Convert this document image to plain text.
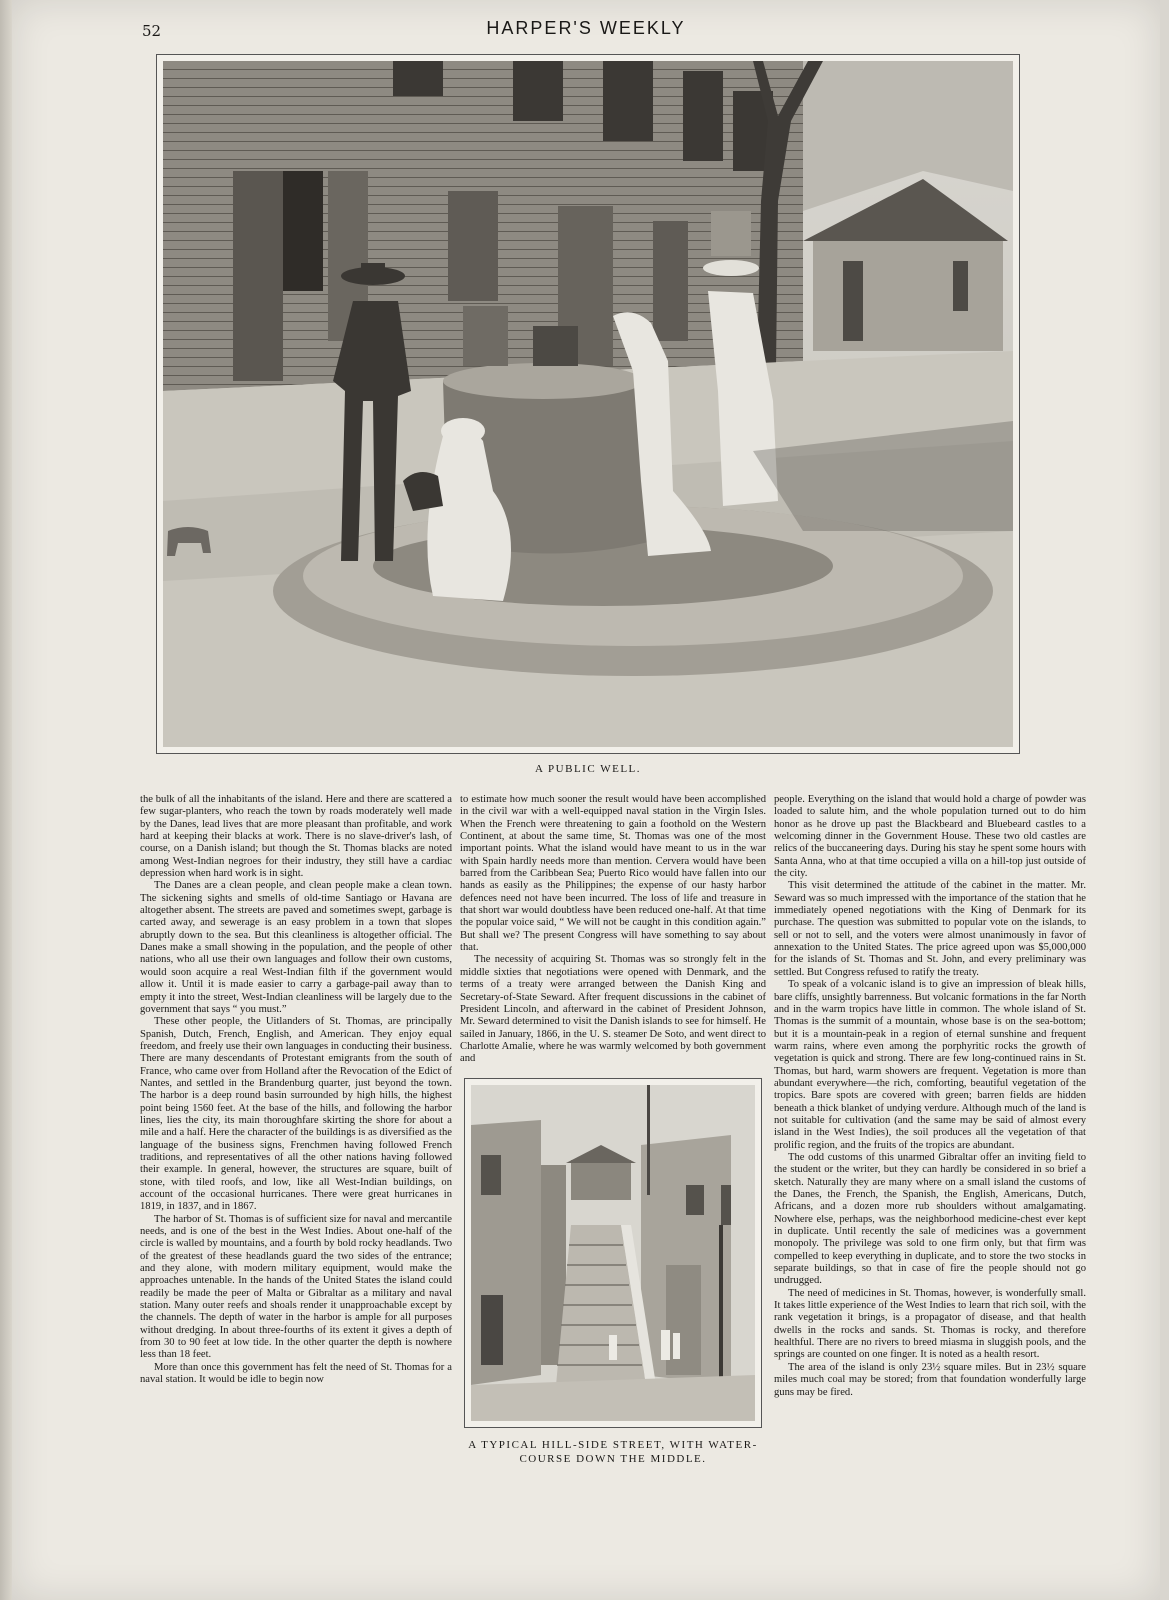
52	HARPER'S WEEKLY
A PUBLIC WELL.

the bulk of all the inhabitants of the island. Here and there are scattered a few sugar-planters, who reach the town by roads moderately well made by the Danes, lead lives that are more pleasant than profitable, and work hard at keeping their blacks at work. There is no slave-driver's lash, of course, on a Danish island; but though the St. Thomas blacks are noted among West-Indian negroes for their industry, they still have a cardiac depression when hard work is in sight.

The Danes are a clean people, and clean people make a clean town. The sickening sights and smells of old-time Santiago or Havana are altogether absent. The streets are paved and sometimes swept, garbage is carted away, and sewerage is an easy problem in a town that slopes abruptly down to the sea. But this cleanliness is altogether official. The Danes make a small showing in the population, and the people of other nations, who all use their own languages and follow their own customs, would soon acquire a real West-Indian filth if the government would allow it. Until it is made easier to carry a garbage-pail away than to empty it into the street, West-Indian cleanliness will be largely due to the government that says “ you must.”

These other people, the Uitlanders of St. Thomas, are principally Spanish, Dutch, French, English, and American. They enjoy equal freedom, and freely use their own languages in conducting their business. There are many descendants of Protestant emigrants from the south of France, who came over from Holland after the Revocation of the Edict of Nantes, and settled in the Brandenburg quarter, just beyond the town. The harbor is a deep round basin surrounded by high hills, the highest point being 1560 feet. At the base of the hills, and following the harbor lines, lies the city, its main thoroughfare skirting the shore for about a mile and a half. Here the character of the buildings is as diversified as the language of the business signs, Frenchmen having followed French traditions, and representatives of all the other nations having followed their example. In general, however, the structures are square, built of stone, with tiled roofs, and low, like all West-Indian buildings, on account of the occasional hurricanes. There were great hurricanes in 1819, in 1837, and in 1867.

The harbor of St. Thomas is of sufficient size for naval and mercantile needs, and is one of the best in the West Indies. About one-half of the circle is walled by mountains, and a fourth by bold rocky headlands. Two of the greatest of these headlands guard the two sides of the entrance; and they alone, with modern military equipment, would make the approaches untenable. In the hands of the United States the island could readily be made the peer of Malta or Gibraltar as a military and naval station. Many outer reefs and shoals render it unapproachable except by the channels. The depth of water in the harbor is ample for all purposes without dredging. In about three-fourths of its extent it gives a depth of from 30 to 90 feet at low tide. In the other quarter the depth is nowhere less than 18 feet.

More than once this government has felt the need of St. Thomas for a naval station. It would be idle to begin now

to estimate how much sooner the result would have been accomplished in the civil war with a well-equipped naval station in the Virgin Isles. When the French were threatening to gain a foothold on the Western Continent, at about the same time, St. Thomas was one of the most important points. What the island would have meant to us in the war with Spain hardly needs more than mention. Cervera would have been barred from the Caribbean Sea; Puerto Rico would have fallen into our hands as easily as the Philippines; the expense of our hasty harbor defences need not have been incurred. The loss of life and treasure in that short war would doubtless have been reduced one-half. At that time the popular voice said, “ We will not be caught in this condition again.” But shall we? The present Congress will have something to say about that.

The necessity of acquiring St. Thomas was so strongly felt in the middle sixties that negotiations were opened with Denmark, and the terms of a treaty were arranged between the Danish King and Secretary-of-State Seward. After frequent discussions in the cabinet of President Lincoln, and afterward in the cabinet of President Johnson, Mr. Seward determined to visit the Danish islands to see for himself. He sailed in January, 1866, in the U. S. steamer De Soto, and went direct to Charlotte Amalie, where he was warmly welcomed by both government and

A TYPICAL HILL-SIDE STREET, WITH WATER-
COURSE DOWN THE MIDDLE.

people. Everything on the island that would hold a charge of powder was loaded to salute him, and the whole population turned out to do him honor as he drove up past the Blackbeard and Bluebeard castles to a welcoming dinner in the Government House. These two old castles are relics of the buccaneering days. During his stay he spent some hours with Santa Anna, who at that time occupied a villa on a hill-top just outside of the city.

This visit determined the attitude of the cabinet in the matter. Mr. Seward was so much impressed with the importance of the station that he immediately opened negotiations with the King of Denmark for its purchase. The question was submitted to popular vote on the islands, to sell or not to sell, and the voters were almost unanimously in favor of annexation to the United States. The price agreed upon was $5,000,000 for the islands of St. Thomas and St. John, and every preliminary was settled. But Congress refused to ratify the treaty.

To speak of a volcanic island is to give an impression of bleak hills, bare cliffs, unsightly barrenness. But volcanic formations in the far North and in the warm tropics have little in common. The whole island of St. Thomas is the summit of a mountain, whose base is on the sea-bottom; but it is a mountain-peak in a region of eternal sunshine and frequent warm rains, where even among the porphyritic rocks the growth of vegetation is quick and strong. There are few long-continued rains in St. Thomas, but hard, warm showers are frequent. Vegetation is more than abundant everywhere—the rich, comforting, beautiful vegetation of the tropics. Bare spots are covered with green; barren fields are hidden beneath a thick blanket of undying verdure. Although much of the land is not suitable for cultivation (and the same may be said of almost every island in the West Indies), the soil produces all the vegetation of that prolific region, and the fruits of the tropics are abundant.

The odd customs of this unarmed Gibraltar offer an inviting field to the student or the writer, but they can hardly be considered in so brief a sketch. Naturally they are many where on a small island the customs of the Danes, the French, the Spanish, the English, Americans, Dutch, Africans, and a dozen more rub shoulders without amalgamating. Nowhere else, perhaps, was the neighborhood medicine-chest ever kept in duplicate. Until recently the sale of medicines was a government monopoly. The privilege was sold to one firm only, but that firm was compelled to keep everything in duplicate, and to store the two stocks in separate buildings, so that in case of fire the people should not go undrugged.

The need of medicines in St. Thomas, however, is wonderfully small. It takes little experience of the West Indies to learn that rich soil, with the rank vegetation it brings, is a propagator of disease, and that health dwells in the rocks and sands. St. Thomas is rocky, and therefore healthful. There are no rivers to breed miasma in sluggish pools, and the springs are counted on one finger. It is noted as a health resort.

The area of the island is only 23½ square miles. But in 23½ square miles much coal may be stored; from that foundation wonderfully large guns may be fired.
